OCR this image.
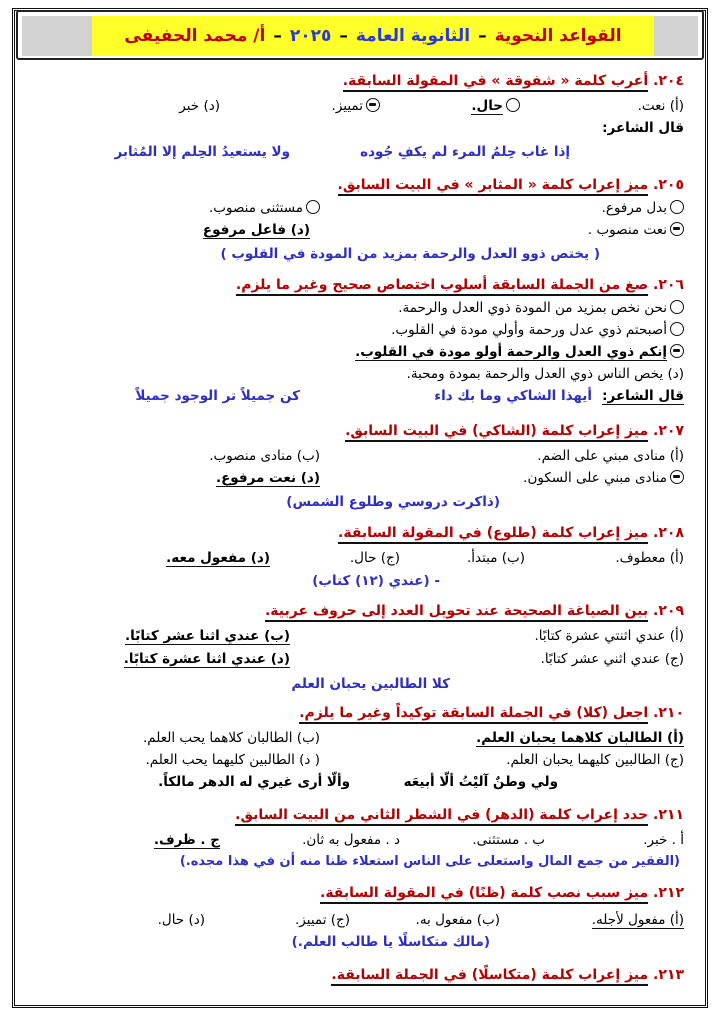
القواعد النحوية
–
الثانوية العامة
–
٢٠٢٥
–
أ/ محمد الحفيفى
٢٠٤. أعرب كلمة « شفوقة » في المقولة السابقة.
(أ) نعت.
حال.
تمييز.
(د) خبر
قال الشاعر:
إذا غاب حِلمُ المرء لم يكفِ جُوده
ولا يستعيدُ الحِلم إلا المُثابر
٢٠٥. ميز إعراب كلمة « المثابر » في البيت السابق.
بدل مرفوع.
مستثنى منصوب.
نعت منصوب .
(د) فاعل مرفوع
( يختص ذوو العدل والرحمة بمزيد من المودة في القلوب )
٢٠٦. صغ من الجملة السابقة أسلوب اختصاص صحيح وغير ما يلزم.
نحن نخص بمزيد من المودة ذوي العدل والرحمة.
أصبحتم ذوي عدل ورحمة وأولي مودة في القلوب.
إنكم ذوي العدل والرحمة أولو مودة في القلوب.
(د) يخص الناس ذوي العدل والرحمة بمودة ومحبة.
قال الشاعر:
أيهذا الشاكي وما بك داء
كن جميلاً تر الوجود جميلاً
٢٠٧. ميز إعراب كلمة (الشاكي) في البيت السابق.
(أ) منادى مبني على الضم.
(ب) منادى منصوب.
منادى مبني على السكون.
(د) نعت مرفوع.
(ذاكرت دروسي وطلوع الشمس)
٢٠٨. ميز إعراب كلمة (طلوع) في المقولة السابقة.
(أ) معطوف.
(ب) مبتدأ.
(ج) حال.
(د) مفعول معه.
- (عندي (١٢) كتاب)
٢٠٩. بين الصياغة الصحيحة عند تحويل العدد إلى حروف عربية.
(أ) عندي اثنتي عشرة كتابًا.
(ب) عندي اثنا عشر كتابًا.
(ج) عندي اثني عشر كتابًا.
(د) عندي اثنا عشرة كتابًا.
كلا الطالبين يحبان العلم
٢١٠. اجعل (كلا) في الجملة السابقة توكيداً وغير ما يلزم.
(أ) الطالبان كلاهما يحبان العلم.
(ب) الطالبان كلاهما يحب العلم.
(ج) الطالبين كليهما يحبان العلم.
( د) الطالبين كليهما يحب العلم.
ولي وطنٌ آليْتُ ألّا أبيعَه
وألّا أرى غيري له الدهر مالكاً.
٢١١. حدد إعراب كلمة (الدهر) في الشطر الثاني من البيت السابق.
أ . خبر.
ب . مستثنى.
د . مفعول به ثان.
ج . ظرف.
(الفقير من جمع المال واستعلى على الناس استعلاء ظنا منه أن في هذا مجده.)
٢١٢. ميز سبب نصب كلمة (ظنًا) في المقولة السابقة.
(أ) مفعول لأجله.
(ب) مفعول به.
(ج) تمييز.
(د) حال.
(مالك متكاسلًا يا طالب العلم.)
٢١٣. ميز إعراب كلمة (متكاسلًا) في الجملة السابقة.
